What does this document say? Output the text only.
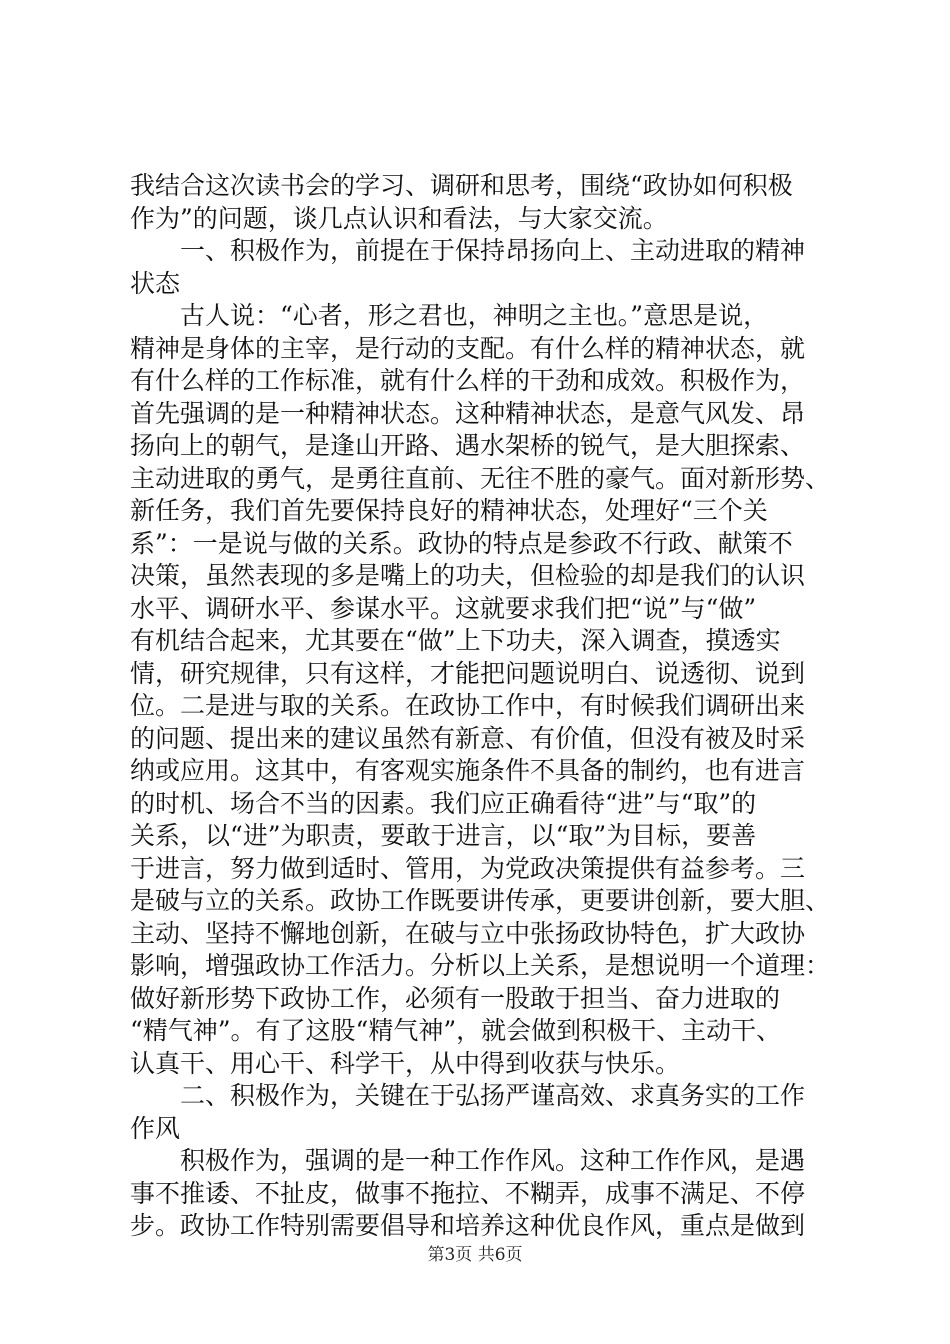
我结合这次读书会的学习、调研和思考，围绕“政协如何积极
作为”的问题，谈几点认识和看法，与大家交流。
　　一、积极作为，前提在于保持昂扬向上、主动进取的精神
状态
　　古人说：“心者，形之君也，神明之主也。”意思是说，
精神是身体的主宰，是行动的支配。有什么样的精神状态，就
有什么样的工作标准，就有什么样的干劲和成效。积极作为，
首先强调的是一种精神状态。这种精神状态，是意气风发、昂
扬向上的朝气，是逢山开路、遇水架桥的锐气，是大胆探索、
主动进取的勇气，是勇往直前、无往不胜的豪气。面对新形势、
新任务，我们首先要保持良好的精神状态，处理好“三个关
系”：一是说与做的关系。政协的特点是参政不行政、献策不
决策，虽然表现的多是嘴上的功夫，但检验的却是我们的认识
水平、调研水平、参谋水平。这就要求我们把“说”与“做”
有机结合起来，尤其要在“做”上下功夫，深入调查，摸透实
情，研究规律，只有这样，才能把问题说明白、说透彻、说到
位。二是进与取的关系。在政协工作中，有时候我们调研出来
的问题、提出来的建议虽然有新意、有价值，但没有被及时采
纳或应用。这其中，有客观实施条件不具备的制约，也有进言
的时机、场合不当的因素。我们应正确看待“进”与“取”的
关系，以“进”为职责，要敢于进言，以“取”为目标，要善
于进言，努力做到适时、管用，为党政决策提供有益参考。三
是破与立的关系。政协工作既要讲传承，更要讲创新，要大胆、
主动、坚持不懈地创新，在破与立中张扬政协特色，扩大政协
影响，增强政协工作活力。分析以上关系，是想说明一个道理：
做好新形势下政协工作，必须有一股敢于担当、奋力进取的
“精气神”。有了这股“精气神”，就会做到积极干、主动干、
认真干、用心干、科学干，从中得到收获与快乐。
　　二、积极作为，关键在于弘扬严谨高效、求真务实的工作
作风
　　积极作为，强调的是一种工作作风。这种工作作风，是遇
事不推诿、不扯皮，做事不拖拉、不糊弄，成事不满足、不停
步。政协工作特别需要倡导和培养这种优良作风，重点是做到
第3页 共6页
